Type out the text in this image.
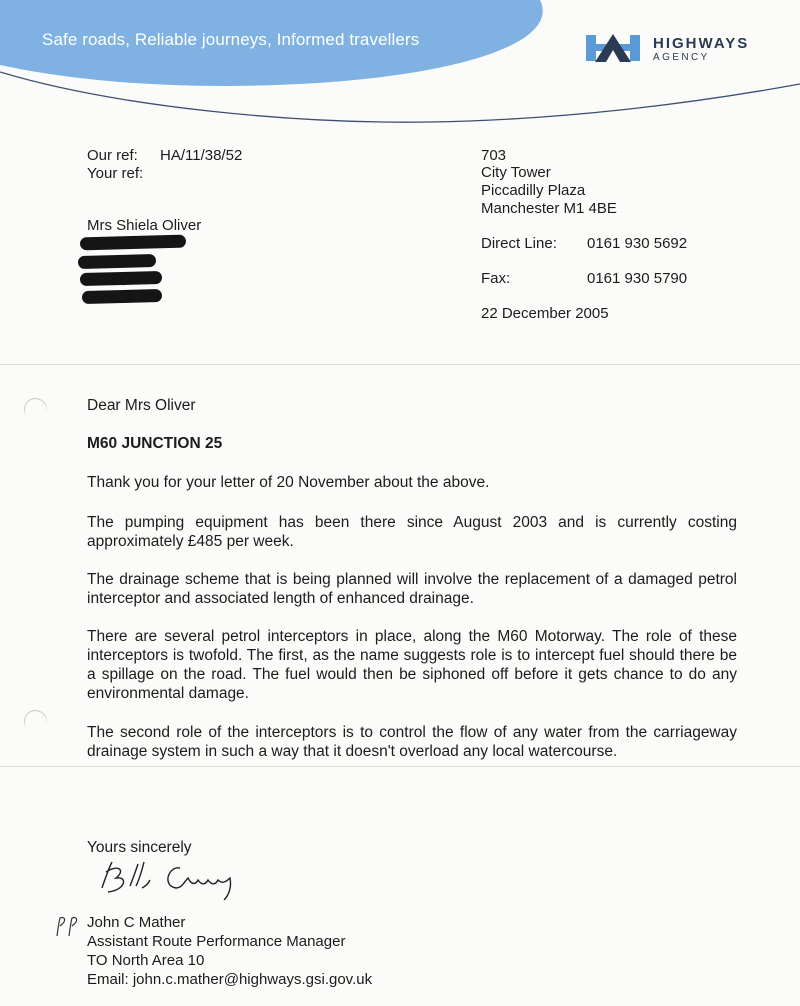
Safe roads, Reliable journeys, Informed travellers	HIGHWAYS
AGENCY
Our ref: HA/11/38/52
Your ref:
Mrs Shiela Oliver
703
City Tower
Piccadilly Plaza
Manchester M1 4BE
Direct Line: 0161 930 5692
Fax:	0161 930 5790
22 December 2005
Dear Mrs Oliver
M60 JUNCTION 25
Thank you for your letter of 20 November about the above.
The pumping equipment has been there since August 2003 and is currently costing approximately £485 per week.
The drainage scheme that is being planned will involve the replacement of a damaged petrol interceptor and associated length of enhanced drainage.
There are several petrol interceptors in place, along the M60 Motorway. The role of these interceptors is twofold. The first, as the name suggests role is to intercept fuel should there be a spillage on the road. The fuel would then be siphoned off before it gets chance to do any environmental damage.
The second role of the interceptors is to control the flow of any water from the carriageway drainage system in such a way that it doesn't overload any local watercourse.
Yours sincerely
John C Mather
Assistant Route Performance Manager
TO North Area 10
Email: john.c.mather@highways.gsi.gov.uk
